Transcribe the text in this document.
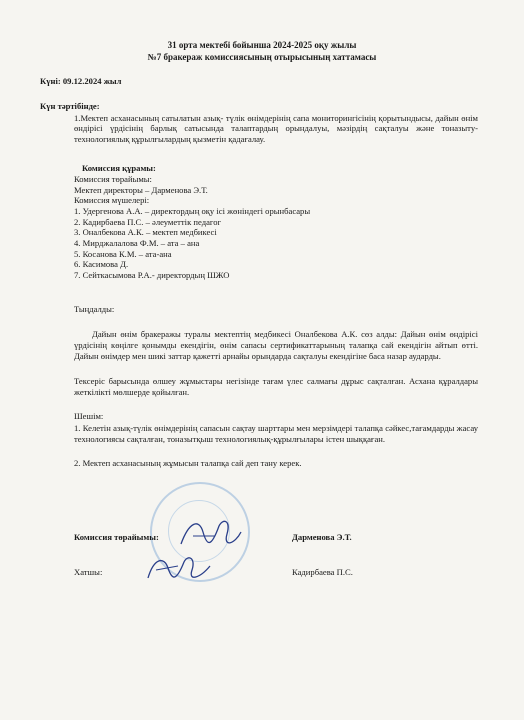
31 орта мектебі бойынша 2024-2025 оқу жылы
№7 бракераж комиссиясының отырысының хаттамасы
Күні: 09.12.2024 жыл
Күн тәртібінде:
1.Мектеп асханасының сатылатын азық- түлік өнімдерінің сапа мониторингісінің қорытындысы, дайын өнім өндірісі үрдісінің барлық сатысында талаптардың орындалуы, мәзірдің сақталуы және тоназыту-технологиялық құрылғылардың қызметін қадағалау.
Комиссия құрамы:
Комиссия төрайымы:
Мектеп директоры – Дарменова Э.Т.
Комиссия мүшелері:
1. Удергенова А.А. – директордың оқу ісі жөніндегі орынбасары
2. Кадирбаева П.С. – әлеуметтік педагог
3. Оналбекова А.К. – мектеп медбикесі
4. Мирджалалова Ф.М. – ата – ана
5. Косанова К.М. – ата-ана
6. Касимова Д.
7. Сейткасымова Р.А.- директордың ШЖО
Тыңдалды:
Дайын өнім бракеражы туралы мектептің медбикесі Оналбекова А.К. сөз алды: Дайын өнім өндірісі үрдісінің көңілге қонымды екендігін, өнім сапасы сертификаттарының талапқа сай екендігін айтып өтті. Дайын өнімдер мен шикі заттар қажетті арнайы орындарда сақталуы екендігіне баса назар аударды.
Тексеріс барысында өлшеу жұмыстары негізінде тағам үлес салмағы дұрыс сақталған. Асхана құралдары жеткілікті мөлшерде қойылған.
Шешім:
1. Келетін азық-түлік өнімдерінің сапасын сақтау шарттары мен мерзімдері талапқа сәйкес,тағамдарды жасау технологиясы сақталған, тоназытқыш технологиялық-құрылғылары істен шыққаған.
2. Мектеп асханасының жұмысын талапқа сай деп тану керек.
Комиссия төрайымы:	Дарменова Э.Т.
Хатшы:	Кадирбаева П.С.
